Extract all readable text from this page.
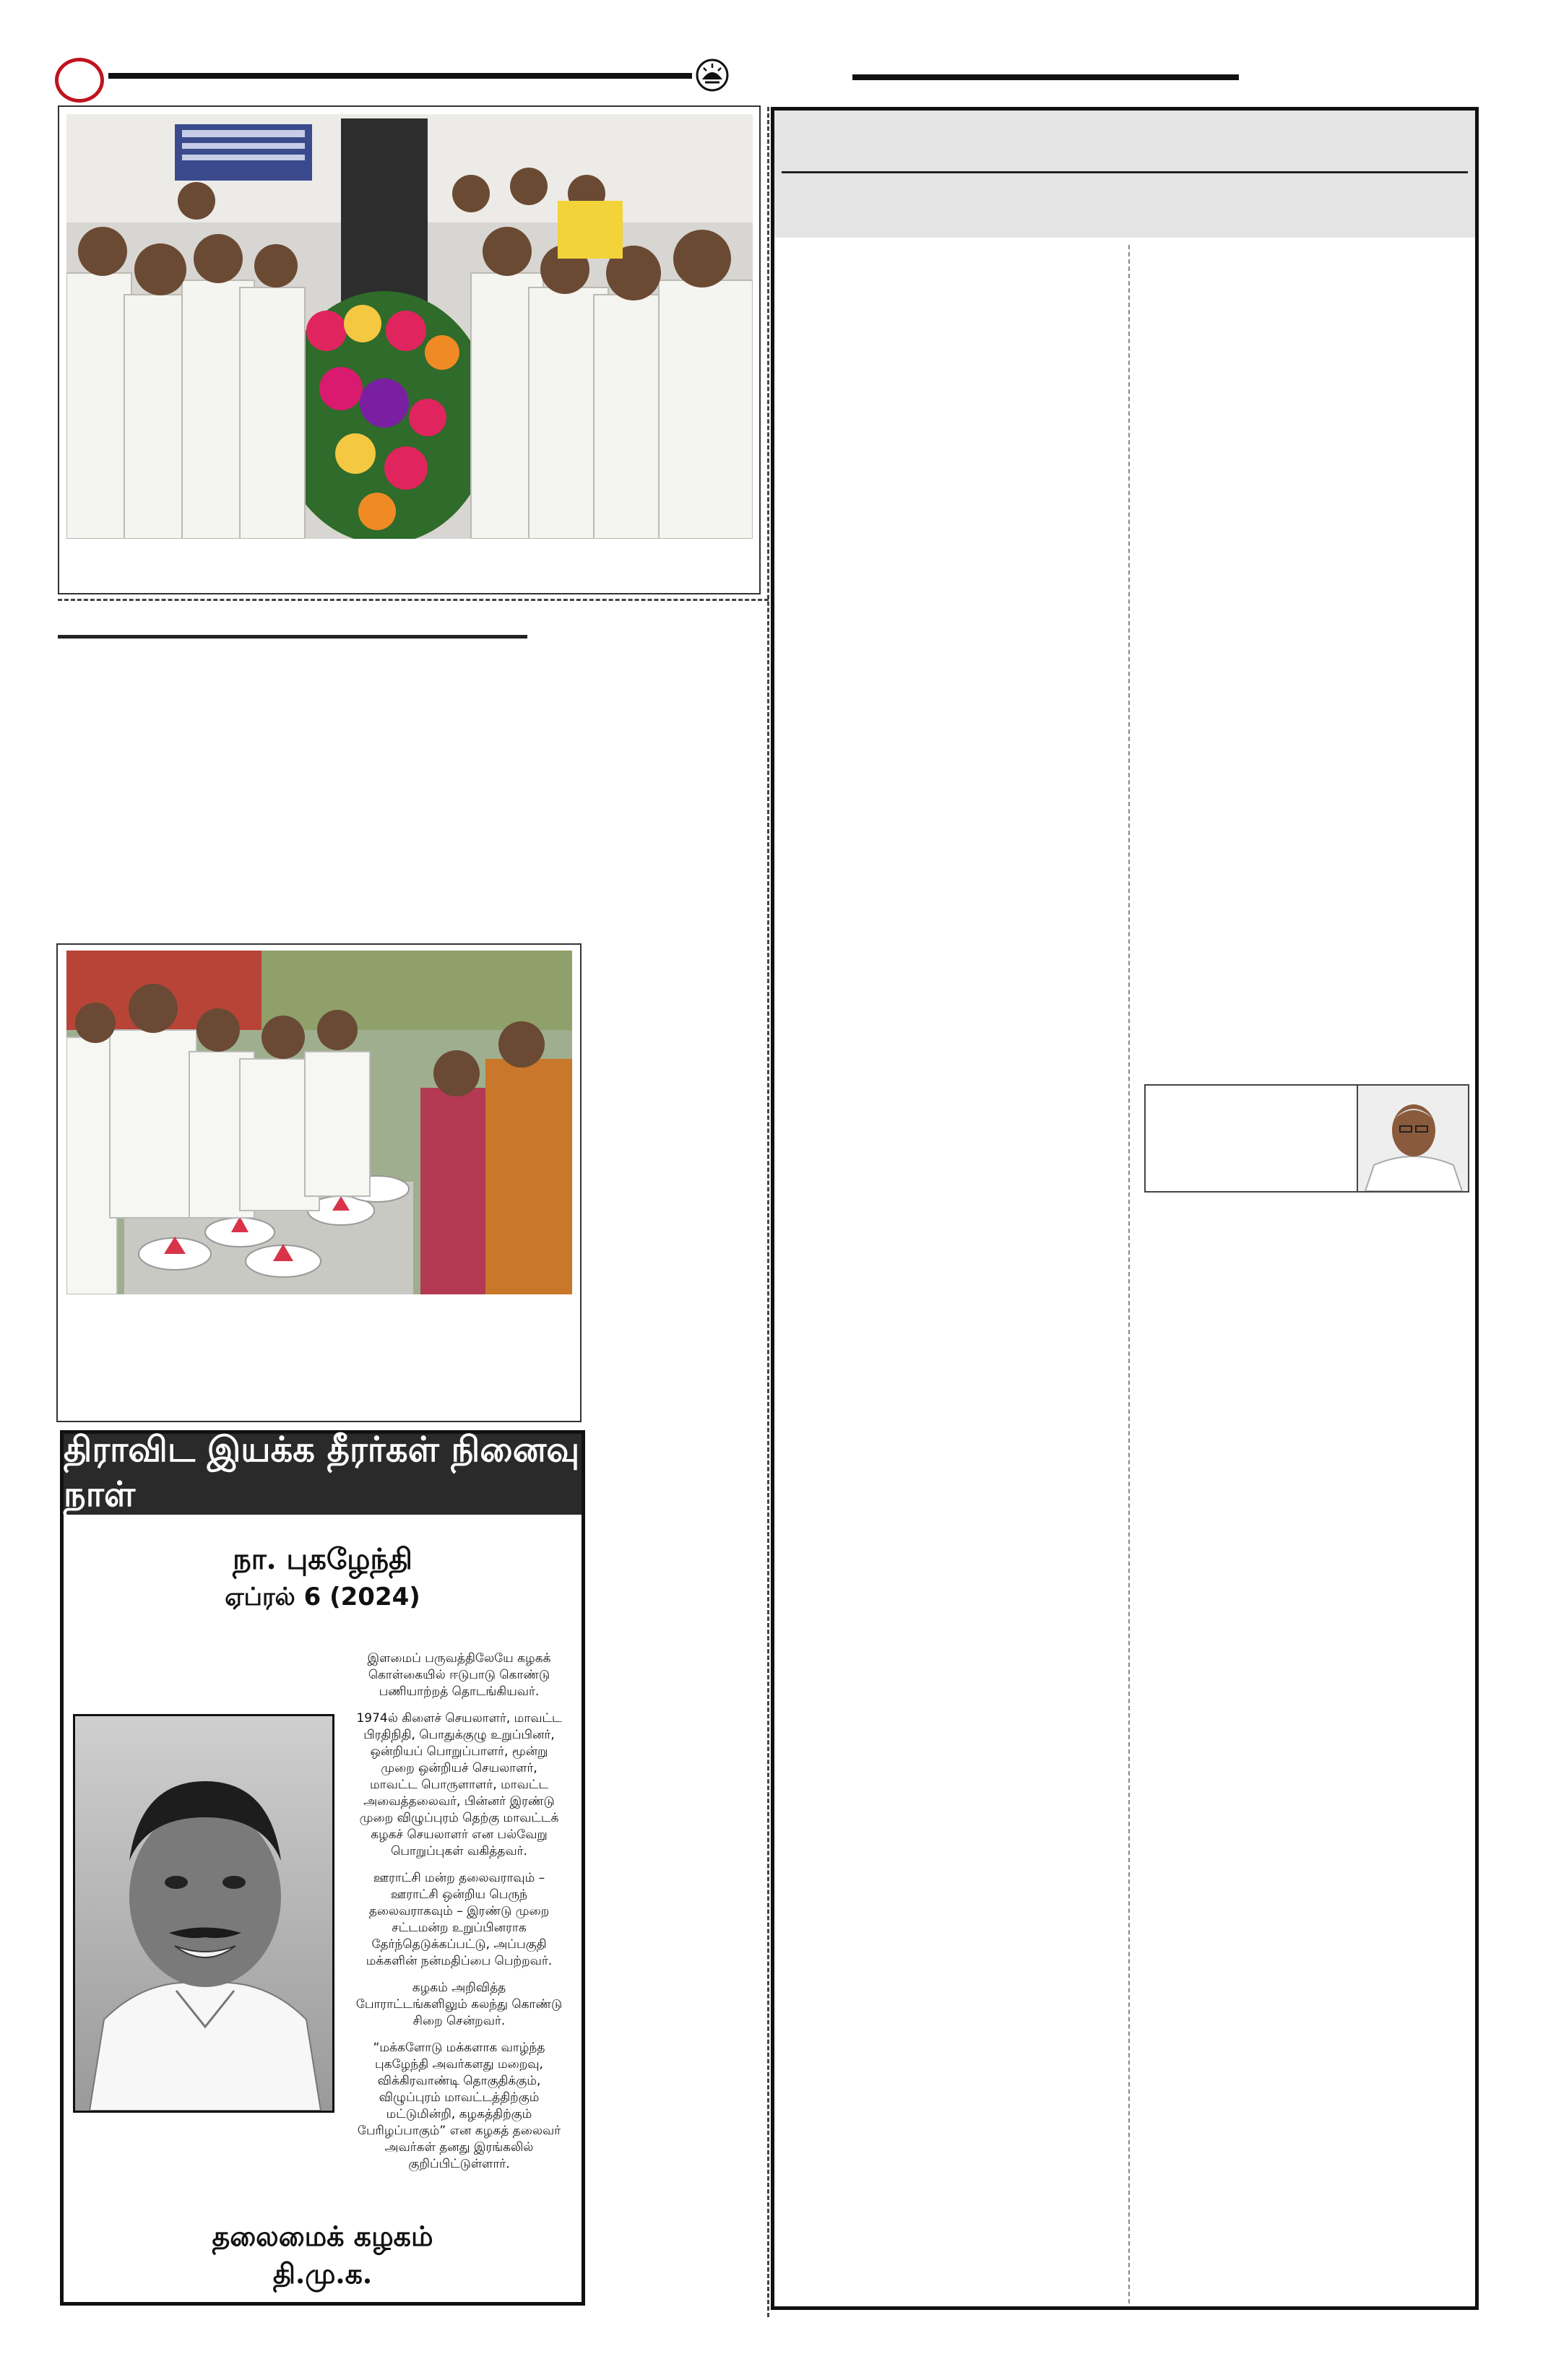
திராவிட இயக்க தீரர்கள் நினைவு நாள்
நா. புகழேந்தி
ஏப்ரல் 6 (2024)
இளமைப் பருவத்திலேயே கழகக்
கொள்கையில் ஈடுபாடு கொண்டு
பணியாற்றத் தொடங்கியவர்.
1974ல் கிளைச் செயலாளர், மாவட்ட
பிரதிநிதி, பொதுக்குழு உறுப்பினர்,
ஒன்றியப் பொறுப்பாளர், மூன்று
முறை ஒன்றியச் செயலாளர்,
மாவட்ட பொருளாளர், மாவட்ட
அவைத்தலைவர், பின்னர் இரண்டு
முறை விழுப்புரம் தெற்கு மாவட்டக்
கழகச் செயலாளர் என பல்வேறு
பொறுப்புகள் வகித்தவர்.
ஊராட்சி மன்ற தலைவராவும் –
ஊராட்சி ஒன்றிய பெருந்
தலைவராகவும் – இரண்டு முறை
சட்டமன்ற உறுப்பினராக
தேர்ந்தெடுக்கப்பட்டு, அப்பகுதி
மக்களின் நன்மதிப்பை பெற்றவர்.
கழகம் அறிவித்த
போராட்டங்களிலும் கலந்து கொண்டு
சிறை சென்றவர்.
“மக்களோடு மக்களாக வாழ்ந்த
புகழேந்தி அவர்களது மறைவு,
விக்கிரவாண்டி தொகுதிக்கும்,
விழுப்புரம் மாவட்டத்திற்கும்
மட்டுமின்றி, கழகத்திற்கும்
பேரிழப்பாகும்” என கழகத் தலைவர்
அவர்கள் தனது இரங்கலில்
குறிப்பிட்டுள்ளார்.
தலைமைக் கழகம்
தி.மு.க.
